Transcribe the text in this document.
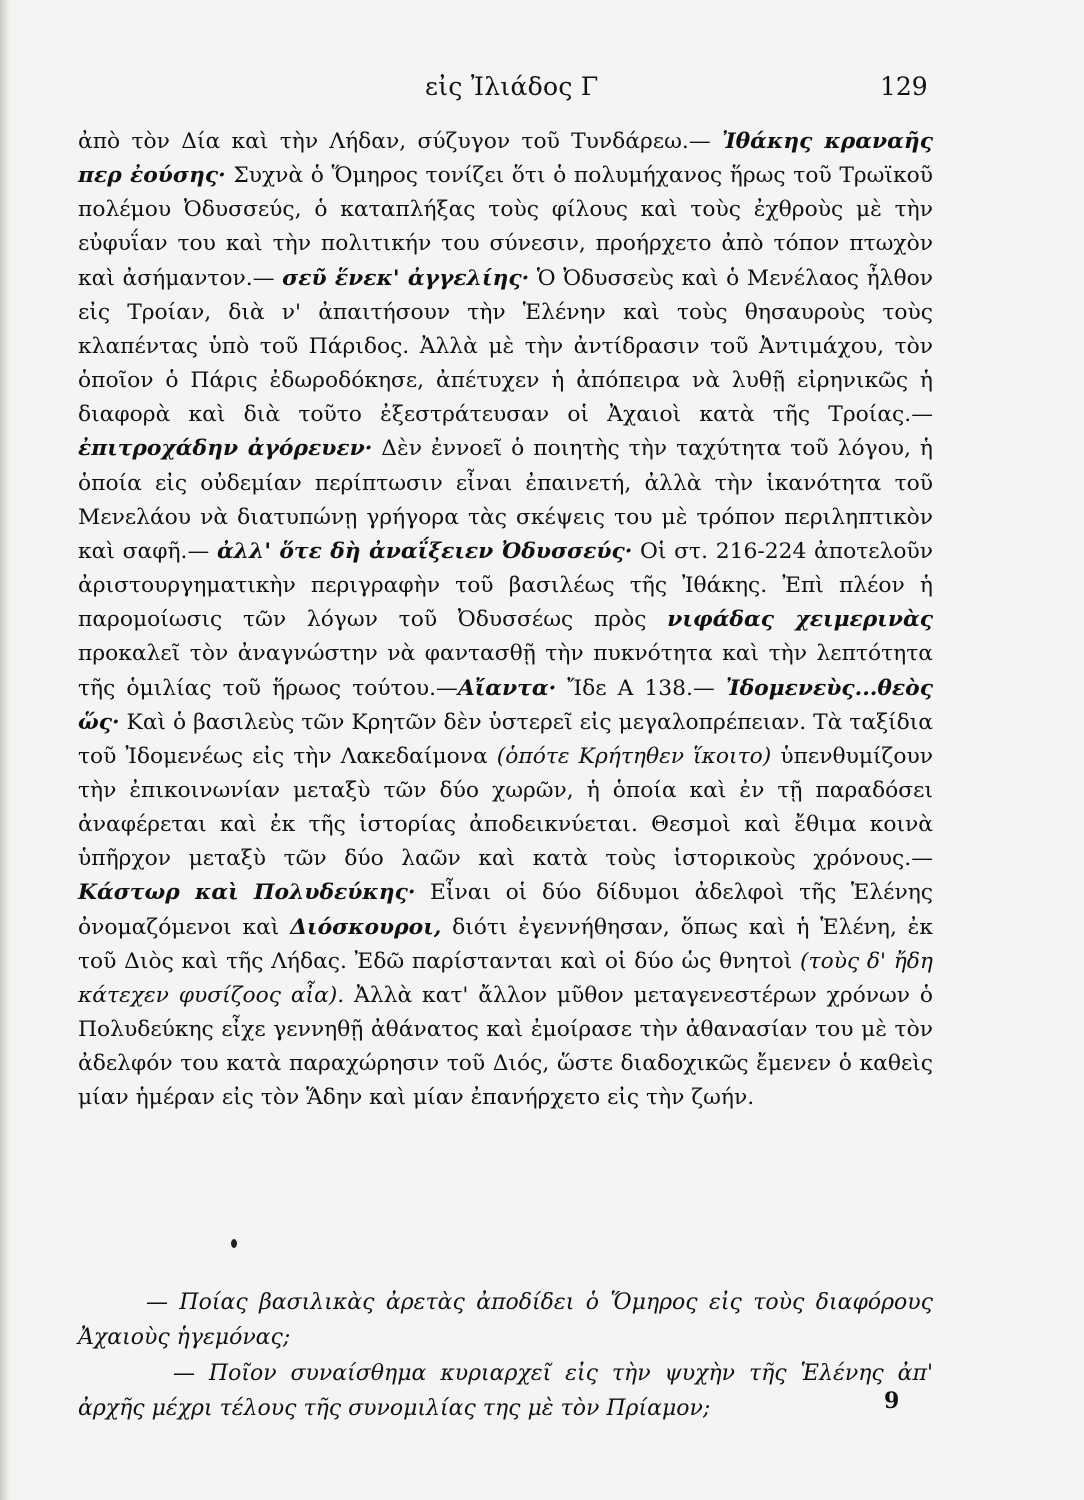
εἰς Ἰλιάδος Γ	129

ἀπὸ τὸν Δία καὶ τὴν Λήδαν, σύζυγον τοῦ Τυνδάρεω.— Ἰθάκης κραναῆς περ ἐούσης· Συχνὰ ὁ Ὅμηρος τονίζει ὅτι ὁ πολυμήχανος ἥρως τοῦ Τρωϊκοῦ πολέμου Ὀδυσσεύς, ὁ καταπλήξας τοὺς φίλους καὶ τοὺς ἐχθροὺς μὲ τὴν εὐφυΐαν του καὶ τὴν πολιτικήν του σύνεσιν, προήρχετο ἀπὸ τόπον πτωχὸν καὶ ἀσήμαντον.— σεῦ ἕνεκ' ἀγγελίης· Ὁ Ὀδυσσεὺς καὶ ὁ Μενέλαος ἦλθον εἰς Τροίαν, διὰ ν' ἀπαιτήσουν τὴν Ἑλένην καὶ τοὺς θησαυροὺς τοὺς κλαπέντας ὑπὸ τοῦ Πάριδος. Ἀλλὰ μὲ τὴν ἀντίδρασιν τοῦ Ἀντιμάχου, τὸν ὁποῖον ὁ Πάρις ἐδωροδόκησε, ἀπέτυχεν ἡ ἀπόπειρα νὰ λυθῇ εἰρηνικῶς ἡ διαφορὰ καὶ διὰ τοῦτο ἐξεστράτευσαν οἱ Ἀχαιοὶ κατὰ τῆς Τροίας.— ἐπιτροχάδην ἀγόρευεν· Δὲν ἐννοεῖ ὁ ποιητὴς τὴν ταχύτητα τοῦ λόγου, ἡ ὁποία εἰς οὐδεμίαν περίπτωσιν εἶναι ἐπαινετή, ἀλλὰ τὴν ἱκανότητα τοῦ Μενελάου νὰ διατυπώνῃ γρήγορα τὰς σκέψεις του μὲ τρόπον περιληπτικὸν καὶ σαφῆ.— ἀλλ' ὅτε δὴ ἀναΐξειεν Ὀδυσσεύς· Οἱ στ. 216-224 ἀποτελοῦν ἀριστουργηματικὴν περιγραφὴν τοῦ βασιλέως τῆς Ἰθάκης. Ἐπὶ πλέον ἡ παρομοίωσις τῶν λόγων τοῦ Ὀδυσσέως πρὸς νιφάδας χειμερινὰς προκαλεῖ τὸν ἀναγνώστην νὰ φαντασθῇ τὴν πυκνότητα καὶ τὴν λεπτότητα τῆς ὁμιλίας τοῦ ἥρωος τούτου.—Αἴαντα· Ἴδε Α 138.— Ἰδομενεὺς...θεὸς ὥς· Καὶ ὁ βασιλεὺς τῶν Κρητῶν δὲν ὑστερεῖ εἰς μεγαλοπρέπειαν. Τὰ ταξίδια τοῦ Ἰδομενέως εἰς τὴν Λακεδαίμονα (ὁπότε Κρήτηθεν ἵκοιτο) ὑπενθυμίζουν τὴν ἐπικοινωνίαν μεταξὺ τῶν δύο χωρῶν, ἡ ὁποία καὶ ἐν τῇ παραδόσει ἀναφέρεται καὶ ἐκ τῆς ἱστορίας ἀποδεικνύεται. Θεσμοὶ καὶ ἔθιμα κοινὰ ὑπῆρχον μεταξὺ τῶν δύο λαῶν καὶ κατὰ τοὺς ἱστορικοὺς χρόνους.— Κάστωρ καὶ Πολυδεύκης· Εἶναι οἱ δύο δίδυμοι ἀδελφοὶ τῆς Ἑλένης ὀνομαζόμενοι καὶ Διόσκουροι, διότι ἐγεννήθησαν, ὅπως καὶ ἡ Ἑλένη, ἐκ τοῦ Διὸς καὶ τῆς Λήδας. Ἐδῶ παρίστανται καὶ οἱ δύο ὡς θνητοὶ (τοὺς δ' ἤδη κάτεχεν φυσίζοος αἶα). Ἀλλὰ κατ' ἄλλον μῦθον μεταγενεστέρων χρόνων ὁ Πολυδεύκης εἶχε γεννηθῇ ἀθάνατος καὶ ἐμοίρασε τὴν ἀθανασίαν του μὲ τὸν ἀδελφόν του κατὰ παραχώρησιν τοῦ Διός, ὥστε διαδοχικῶς ἔμενεν ὁ καθεὶς μίαν ἡμέραν εἰς τὸν Ἅδην καὶ μίαν ἐπανήρχετο εἰς τὴν ζωήν.

— Ποίας βασιλικὰς ἀρετὰς ἀποδίδει ὁ Ὅμηρος εἰς τοὺς διαφόρους Ἀχαιοὺς ἡγεμόνας;

— Ποῖον συναίσθημα κυριαρχεῖ εἰς τὴν ψυχὴν τῆς Ἑλένης ἀπ' ἀρχῆς μέχρι τέλους τῆς συνομιλίας της μὲ τὸν Πρίαμον;	9
